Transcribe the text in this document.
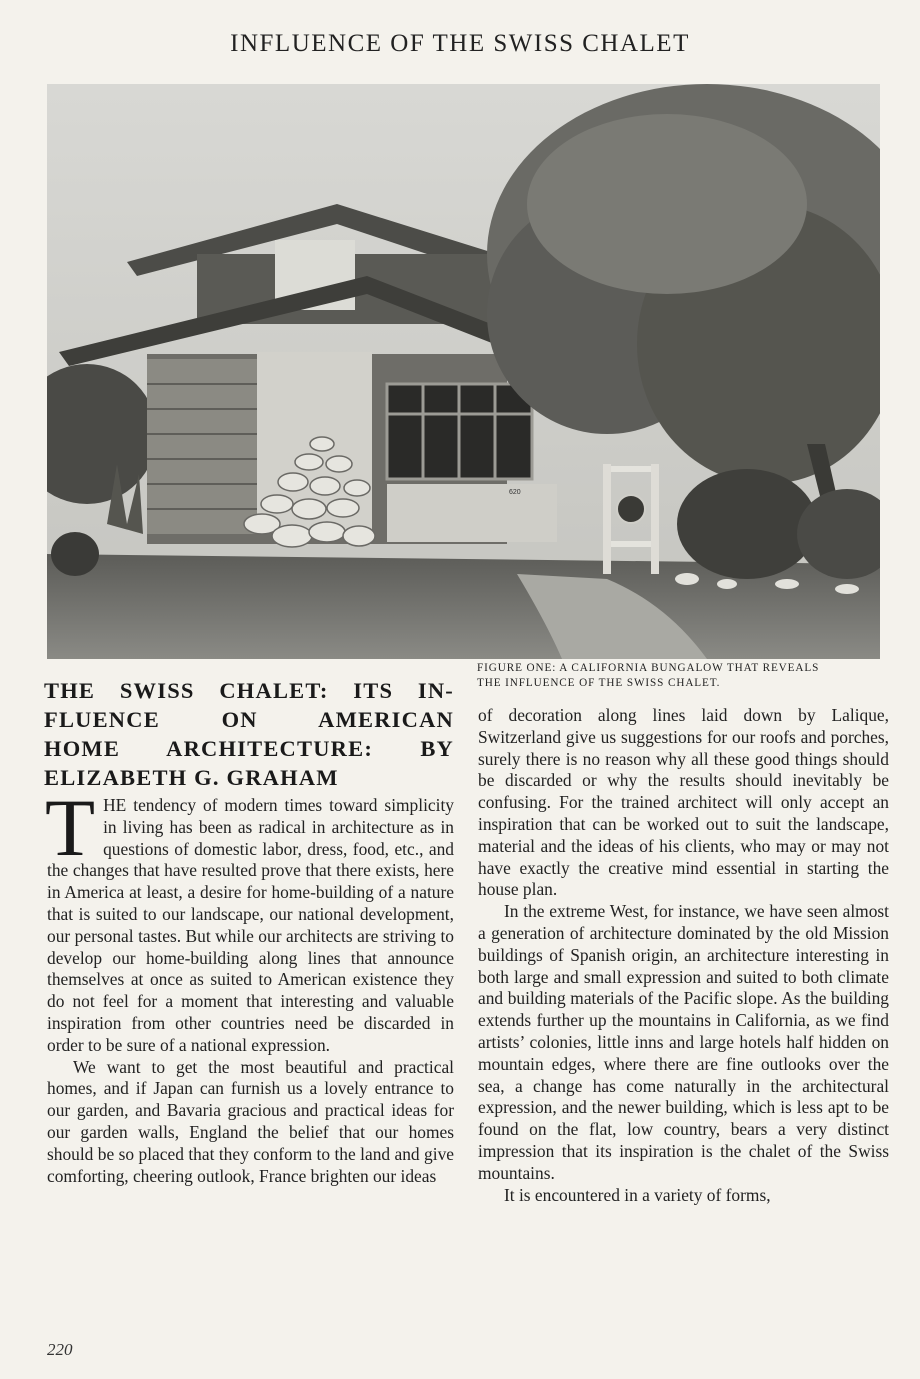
INFLUENCE OF THE SWISS CHALET
620
FIGURE ONE: A CALIFORNIA BUNGALOW THAT REVEALS
THE INFLUENCE OF THE SWISS CHALET.
THE SWISS CHALET: ITS IN-
FLUENCE ON AMERICAN
HOME ARCHITECTURE: BY
ELIZABETH G. GRAHAM

THE tendency of modern times toward simplicity in living has been as radical in architecture as in questions of domestic labor, dress, food, etc., and the changes that have resulted prove that there exists, here in America at least, a desire for home-building of a nature that is suited to our landscape, our national development, our personal tastes. But while our architects are striving to develop our home-building along lines that announce themselves at once as suited to American existence they do not feel for a moment that interesting and valuable inspiration from other countries need be discarded in order to be sure of a national expression.

We want to get the most beautiful and practical homes, and if Japan can furnish us a lovely entrance to our garden, and Bavaria gracious and practical ideas for our garden walls, England the belief that our homes should be so placed that they conform to the land and give comforting, cheering outlook, France brighten our ideas

of decoration along lines laid down by Lalique, Switzerland give us suggestions for our roofs and porches, surely there is no reason why all these good things should be discarded or why the results should inevitably be confusing. For the trained architect will only accept an inspiration that can be worked out to suit the landscape, material and the ideas of his clients, who may or may not have exactly the creative mind essential in starting the house plan.

In the extreme West, for instance, we have seen almost a generation of architecture dominated by the old Mission buildings of Spanish origin, an architecture interesting in both large and small expression and suited to both climate and building materials of the Pacific slope. As the building extends further up the mountains in California, as we find artists’ colonies, little inns and large hotels half hidden on mountain edges, where there are fine outlooks over the sea, a change has come naturally in the architectural expression, and the newer building, which is less apt to be found on the flat, low country, bears a very distinct impression that its inspiration is the chalet of the Swiss mountains.

It is encountered in a variety of forms,

220
